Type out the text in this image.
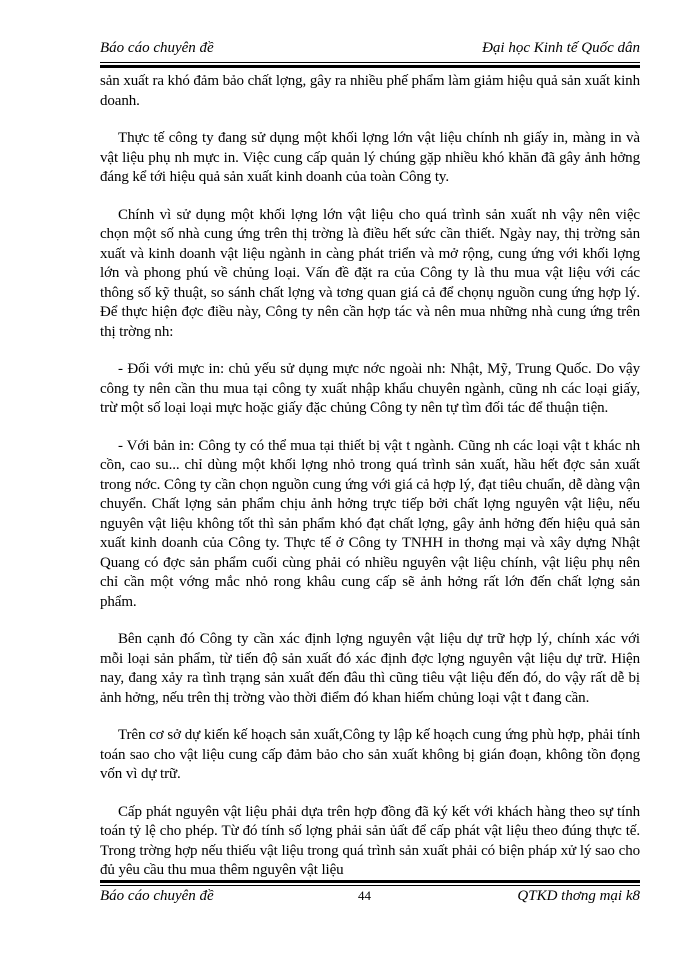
Báo cáo chuyên đề	Đại học Kinh tế Quốc dân

sản xuất ra khó đảm bảo chất lợng, gây ra nhiều phế phẩm làm giảm hiệu quả sản xuất kinh doanh.

Thực tế công ty đang sử dụng một khối lợng lớn vật liệu chính nh giấy in, màng in và vật liệu phụ nh mực in. Việc cung cấp quản lý chúng gặp nhiều khó khăn đã gây ảnh hởng đáng kể tới hiệu quả sản xuất kinh doanh của toàn Công ty.

Chính vì sử dụng một khối lợng lớn vật liệu cho quá trình sản xuất nh vậy nên việc chọn một số nhà cung ứng trên thị trờng là điều hết sức cần thiết. Ngày nay, thị trờng sản xuất và kinh doanh vật liệu ngành in càng phát triển và mở rộng, cung ứng với khối lợng lớn và phong phú về chủng loại. Vấn đề đặt ra của Công ty là thu mua vật liệu với các thông số kỹ thuật, so sánh chất lợng và tơng quan giá cả để chọnụ nguồn cung ứng hợp lý. Để thực hiện đợc điều này, Công ty nên cần hợp tác và nên mua những nhà cung ứng trên thị trờng nh:

- Đối với mực in: chủ yếu sử dụng mực nớc ngoài nh: Nhật, Mỹ, Trung Quốc. Do vậy công ty nên cần thu mua tại công ty xuất nhập khẩu chuyên ngành, cũng nh các loại giấy, trừ một số loại loại mực hoặc giấy đặc chủng Công ty nên tự tìm đối tác để thuận tiện.

- Với bản in: Công ty có thể mua tại thiết bị vật t ngành. Cũng nh các loại vật t khác nh cồn, cao su... chỉ dùng một khối lợng nhỏ trong quá trình sản xuất, hầu hết đợc sản xuất trong nớc. Công ty cần chọn nguồn cung ứng với giá cả hợp lý, đạt tiêu chuẩn, dễ dàng vận chuyển. Chất lợng sản phẩm chịu ảnh hởng trực tiếp bởi chất lợng nguyên vật liệu, nếu nguyên vật liệu không tốt thì sản phẩm khó đạt chất lợng, gây ảnh hởng đến hiệu quả sản xuất kinh doanh của Công ty. Thực tế ở Công ty TNHH in thơng mại và xây dựng Nhật Quang có đợc sản phẩm cuối cùng phải có nhiều nguyên vật liệu chính, vật liệu phụ nên chỉ cần một vớng mắc nhỏ rong khâu cung cấp sẽ ảnh hởng rất lớn đến chất lợng sản phẩm.

Bên cạnh đó Công ty cần xác định lợng nguyên vật liệu dự trữ hợp lý, chính xác với mỗi loại sản phẩm, từ tiến độ sản xuất đó xác định đợc lợng nguyên vật liệu dự trữ. Hiện nay, đang xảy ra tình trạng sản xuất đến đâu thì cũng tiêu vật liệu đến đó, do vậy rất dễ bị ảnh hởng, nếu trên thị trờng vào thời điểm đó khan hiếm chủng loại vật t đang cần.

Trên cơ sở dự kiến kế hoạch sản xuất,Công ty lập kế hoạch cung ứng phù hợp, phải tính toán sao cho vật liệu cung cấp đảm bảo cho sản xuất không bị gián đoạn, không tồn đọng vốn vì dự trữ.

Cấp phát nguyên vật liệu phải dựa trên hợp đồng đã ký kết với khách hàng theo sự tính toán tỷ lệ cho phép. Từ đó tính số lợng phải sản ủất để cấp phát vật liệu theo đúng thực tế. Trong trờng hợp nếu thiếu vật liệu trong quá trình sản xuất phải có biện pháp xử lý sao cho đủ yêu cầu thu mua thêm nguyên vật liệu

Báo cáo chuyên đề	44	QTKD thơng mại k8
